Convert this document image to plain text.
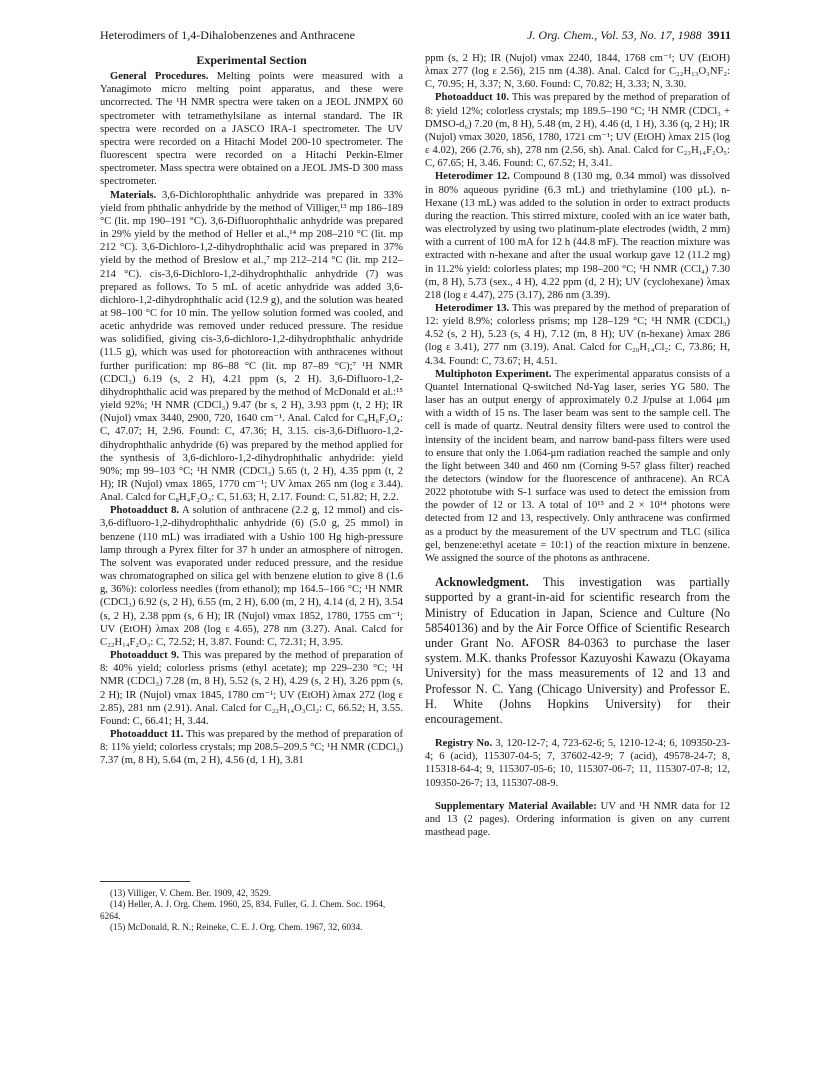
Heterodimers of 1,4-Dihalobenzenes and Anthracene	J. Org. Chem., Vol. 53, No. 17, 1988 3911
Experimental Section

General Procedures. Melting points were measured with a Yanagimoto micro melting point apparatus, and these were uncorrected. The ¹H NMR spectra were taken on a JEOL JNMPX 60 spectrometer with tetramethylsilane as internal standard. The IR spectra were recorded on a JASCO IRA-1 spectrometer. The UV spectra were recorded on a Hitachi Model 200-10 spectrometer. The fluorescent spectra were recorded on a Hitachi Perkin-Elmer spectrometer. Mass spectra were obtained on a JEOL JMS-D 300 mass spectrometer.

Materials. 3,6-Dichlorophthalic anhydride was prepared in 33% yield from phthalic anhydride by the method of Villiger,¹³ mp 186–189 °C (lit. mp 190–191 °C). 3,6-Difluorophthalic anhydride was prepared in 29% yield by the method of Heller et al.,¹⁴ mp 208–210 °C (lit. mp 212 °C). 3,6-Dichloro-1,2-dihydrophthalic acid was prepared in 37% yield by the method of Breslow et al.,⁷ mp 212–214 °C (lit. mp 212–214 °C). cis-3,6-Dichloro-1,2-dihydrophthalic anhydride (7) was prepared as follows. To 5 mL of acetic anhydride was added 3,6-dichloro-1,2-dihydrophthalic acid (12.9 g), and the solution was heated at 98–100 °C for 10 min. The yellow solution formed was cooled, and acetic anhydride was removed under reduced pressure. The residue was solidified, giving cis-3,6-dichloro-1,2-dihydrophthalic anhydride (11.5 g), which was used for photoreaction with anthracenes without further purification: mp 86–88 °C (lit. mp 87–89 °C);⁷ ¹H NMR (CDCl₃) 6.19 (s, 2 H), 4.21 ppm (s, 2 H). 3,6-Difluoro-1,2-dihydrophthalic acid was prepared by the method of McDonald et al.:¹⁵ yield 92%; ¹H NMR (CDCl₃) 9.47 (br s, 2 H), 3.93 ppm (t, 2 H); IR (Nujol) νmax 3440, 2900, 720, 1640 cm⁻¹. Anal. Calcd for C₈H₆F₂O₄: C, 47.07; H, 2.96. Found: C, 47.36; H, 3.15. cis-3,6-Difluoro-1,2-dihydrophthalic anhydride (6) was prepared by the method applied for the synthesis of 3,6-dichloro-1,2-dihydrophthalic anhydride: yield 90%; mp 99–103 °C; ¹H NMR (CDCl₃) 5.65 (t, 2 H), 4.35 ppm (t, 2 H); IR (Nujol) νmax 1865, 1770 cm⁻¹; UV λmax 265 nm (log ε 3.44). Anal. Calcd for C₈H₄F₂O₃: C, 51.63; H, 2.17. Found: C, 51.82; H, 2.2.

Photoadduct 8. A solution of anthracene (2.2 g, 12 mmol) and cis-3,6-difluoro-1,2-dihydrophthalic anhydride (6) (5.0 g, 25 mmol) in benzene (110 mL) was irradiated with a Ushio 100 Hg high-pressure lamp through a Pyrex filter for 37 h under an atmosphere of nitrogen. The solvent was evaporated under reduced pressure, and the residue was chromatographed on silica gel with benzene elution to give 8 (1.6 g, 36%): colorless needles (from ethanol); mp 164.5–166 °C; ¹H NMR (CDCl₃) 6.92 (s, 2 H), 6.55 (m, 2 H), 6.00 (m, 2 H), 4.14 (d, 2 H), 3.54 (s, 2 H), 2.38 ppm (s, 6 H); IR (Nujol) νmax 1852, 1780, 1755 cm⁻¹; UV (EtOH) λmax 208 (log ε 4.65), 278 nm (3.27). Anal. Calcd for C₂₂H₁₄F₂O₃: C, 72.52; H, 3.87. Found: C, 72.31; H, 3.95.

Photoadduct 9. This was prepared by the method of preparation of 8: 40% yield; colorless prisms (ethyl acetate); mp 229–230 °C; ¹H NMR (CDCl₃) 7.28 (m, 8 H), 5.52 (s, 2 H), 4.29 (s, 2 H), 3.26 ppm (s, 2 H); IR (Nujol) νmax 1845, 1780 cm⁻¹; UV (EtOH) λmax 272 (log ε 2.85), 281 nm (2.91). Anal. Calcd for C₂₂H₁₄O₃Cl₂: C, 66.52; H, 3.55. Found: C, 66.41; H, 3.44.

Photoadduct 11. This was prepared by the method of preparation of 8: 11% yield; colorless crystals; mp 208.5–209.5 °C; ¹H NMR (CDCl₃) 7.37 (m, 8 H), 5.64 (m, 2 H), 4.56 (d, 1 H), 3.81

ppm (s, 2 H); IR (Nujol) νmax 2240, 1844, 1768 cm⁻¹; UV (EtOH) λmax 277 (log ε 2.56), 215 nm (4.38). Anal. Calcd for C₂₂H₁₃O₃NF₂: C, 70.95; H, 3.37; N, 3.60. Found: C, 70.82; H, 3.33; N, 3.30.

Photoadduct 10. This was prepared by the method of preparation of 8: yield 12%; colorless crystals; mp 189.5–190 °C; ¹H NMR (CDCl₃ + DMSO-d₆) 7.20 (m, 8 H), 5.48 (m, 2 H), 4.46 (d, 1 H), 3.36 (q, 2 H); IR (Nujol) νmax 3020, 1856, 1780, 1721 cm⁻¹; UV (EtOH) λmax 215 (log ε 4.02), 266 (2.76, sh), 278 nm (2.56, sh). Anal. Calcd for C₂₃H₁₄F₂O₅: C, 67.65; H, 3.46. Found: C, 67.52; H, 3.41.

Heterodimer 12. Compound 8 (130 mg, 0.34 mmol) was dissolved in 80% aqueous pyridine (6.3 mL) and triethylamine (100 μL). n-Hexane (13 mL) was added to the solution in order to extract products during the reaction. This stirred mixture, cooled with an ice water bath, was electrolyzed by using two platinum-plate electrodes (width, 2 mm) with a current of 100 mA for 12 h (44.8 mF). The reaction mixture was extracted with n-hexane and after the usual workup gave 12 (11.2 mg) in 11.2% yield: colorless plates; mp 198–200 °C; ¹H NMR (CCl₄) 7.30 (m, 8 H), 5.73 (sex., 4 H), 4.22 ppm (d, 2 H); UV (cyclohexane) λmax 218 (log ε 4.47), 275 (3.17), 286 nm (3.39).

Heterodimer 13. This was prepared by the method of preparation of 12: yield 8.9%; colorless prisms; mp 128–129 °C; ¹H NMR (CDCl₃) 4.52 (s, 2 H), 5.23 (s, 4 H), 7.12 (m, 8 H); UV (n-hexane) λmax 286 (log ε 3.41), 277 nm (3.19). Anal. Calcd for C₂₀H₁₄Cl₂: C, 73.86; H, 4.34. Found: C, 73.67; H, 4.51.

Multiphoton Experiment. The experimental apparatus consists of a Quantel International Q-switched Nd-Yag laser, series YG 580. The laser has an output energy of approximately 0.2 J/pulse at 1.064 μm with a width of 15 ns. The laser beam was sent to the sample cell. The cell is made of quartz. Neutral density filters were used to control the intensity of the incident beam, and narrow band-pass filters were used to ensure that only the 1.064-μm radiation reached the sample and only the light between 340 and 460 nm (Corning 9-57 glass filter) reached the detectors (window for the fluorescence of anthracene). An RCA 2022 phototube with S-1 surface was used to detect the emission from the powder of 12 or 13. A total of 10¹⁵ and 2 × 10¹⁴ photons were detected from 12 and 13, respectively. Only anthracene was confirmed as a product by the measurement of the UV spectrum and TLC (silica gel, benzene:ethyl acetate = 10:1) of the reaction mixture in benzene. We assigned the source of the photons as anthracene.

Acknowledgment. This investigation was partially supported by a grant-in-aid for scientific research from the Ministry of Education in Japan, Science and Culture (No 58540136) and by the Air Force Office of Scientific Research under Grant No. AFOSR 84-0363 to purchase the laser system. M.K. thanks Professor Kazuyoshi Kawazu (Okayama University) for the mass measurements of 12 and 13 and Professor N. C. Yang (Chicago University) and Professor E. H. White (Johns Hopkins University) for their encouragement.

Registry No. 3, 120-12-7; 4, 723-62-6; 5, 1210-12-4; 6, 109350-23-4; 6 (acid), 115307-04-5; 7, 37602-42-9; 7 (acid), 49578-24-7; 8, 115318-64-4; 9, 115307-05-6; 10, 115307-06-7; 11, 115307-07-8; 12, 109350-26-7; 13, 115307-08-9.

Supplementary Material Available: UV and ¹H NMR data for 12 and 13 (2 pages). Ordering information is given on any current masthead page.

(13) Villiger, V. Chem. Ber. 1909, 42, 3529.
(14) Heller, A. J. Org. Chem. 1960, 25, 834. Fuller, G. J. Chem. Soc. 1964, 6264.
(15) McDonald, R. N.; Reineke, C. E. J. Org. Chem. 1967, 32, 6034.
